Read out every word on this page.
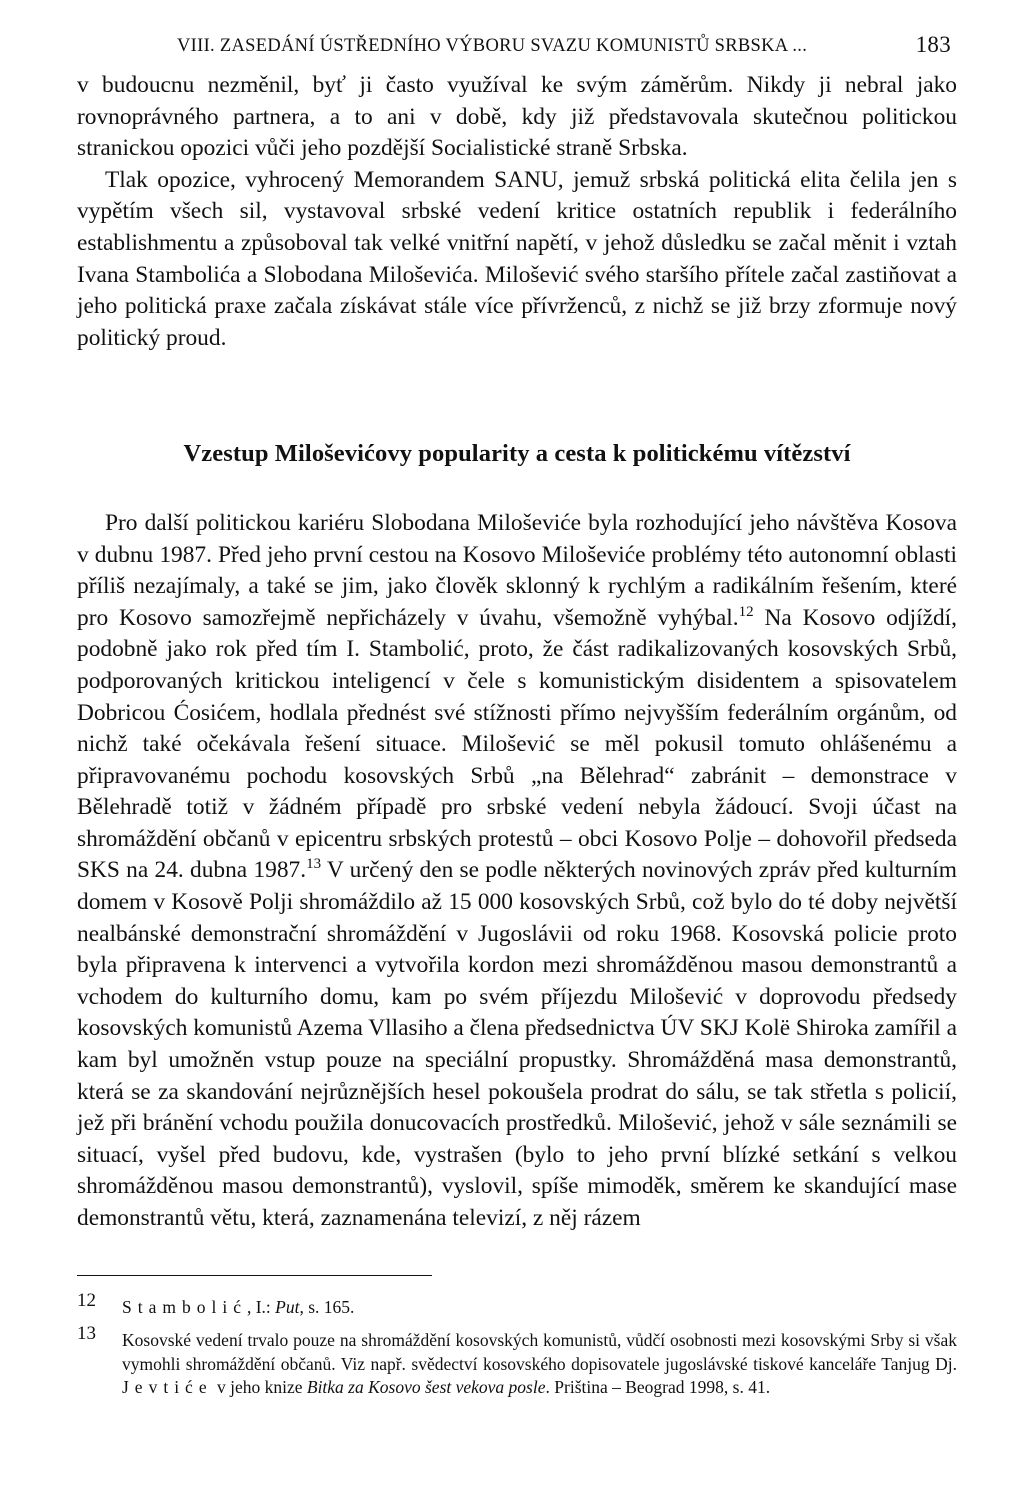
VIII. ZASEDÁNÍ ÚSTŘEDNÍHO VÝBORU SVAZU KOMUNISTŮ SRBSKA ...	183

v budoucnu nezměnil, byť ji často využíval ke svým záměrům. Nikdy ji nebral jako rovnoprávného partnera, a to ani v době, kdy již představovala skutečnou politickou stranickou opozici vůči jeho pozdější Socialistické straně Srbska.

Tlak opozice, vyhrocený Memorandem SANU, jemuž srbská politická elita čelila jen s vypětím všech sil, vystavoval srbské vedení kritice ostatních republik i federálního establishmentu a způsoboval tak velké vnitřní napětí, v jehož důsledku se začal měnit i vztah Ivana Stambolića a Slobodana Miloševića. Milošević svého staršího přítele začal zastiňovat a jeho politická praxe začala získávat stále více přívrženců, z nichž se již brzy zformuje nový politický proud.

Vzestup Miloševićovy popularity a cesta k politickému vítězství

Pro další politickou kariéru Slobodana Miloševiće byla rozhodující jeho návštěva Kosova v dubnu 1987. Před jeho první cestou na Kosovo Miloševiće problémy této autonomní oblasti příliš nezajímaly, a také se jim, jako člověk sklonný k rychlým a radikálním řešením, které pro Kosovo samozřejmě nepřicházely v úvahu, všemožně vyhýbal.$^{12}$ Na Kosovo odjíždí, podobně jako rok před tím I. Stambolić, proto, že část radikalizovaných kosovských Srbů, podporovaných kritickou inteligencí v čele s komunistickým disidentem a spisovatelem Dobricou Ćosićem, hodlala přednést své stížnosti přímo nejvyšším federálním orgánům, od nichž také očekávala řešení situace. Milošević se měl pokusil tomuto ohlášenému a připravovanému pochodu kosovských Srbů „na Bělehrad“ zabránit – demonstrace v Bělehradě totiž v žádném případě pro srbské vedení nebyla žádoucí. Svoji účast na shromáždění občanů v epicentru srbských protestů – obci Kosovo Polje – dohovořil předseda SKS na 24. dubna 1987.13 V určený den se podle některých novinových zpráv před kulturním domem v Kosově Polji shromáždilo až 15 000 kosovských Srbů, což bylo do té doby největší nealbánské demonstrační shromáždění v Jugoslávii od roku 1968. Kosovská policie proto byla připravena k intervenci a vytvořila kordon mezi shromážděnou masou demonstrantů a vchodem do kulturního domu, kam po svém příjezdu Milošević v doprovodu předsedy kosovských komunistů Azema Vllasiho a člena předsednictva ÚV SKJ Kolë Shiroka zamířil a kam byl umožněn vstup pouze na speciální propustky. Shromážděná masa demonstrantů, která se za skandování nejrůznějších hesel pokoušela prodrat do sálu, se tak střetla s policií, jež při bránění vchodu použila donucovacích prostředků. Milošević, jehož v sále seznámili se situací, vyšel před budovu, kde, vystrašen (bylo to jeho první blízké setkání s velkou shromážděnou masou demonstrantů), vyslovil, spíše mimoděk, směrem ke skandující mase demonstrantů větu, která, zaznamenána televizí, z něj rázem

12 Stambolić, I.: Put, s. 165.
13 Kosovské vedení trvalo pouze na shromáždění kosovských komunistů, vůdčí osobnosti mezi kosovskými Srby si však vymohli shromáždění občanů. Viz např. svědectví kosovského dopisovatele jugoslávské tiskové kanceláře Tanjug Dj. Jevtiće v jeho knize Bitka za Kosovo šest vekova posle. Priština – Beograd 1998, s. 41.
